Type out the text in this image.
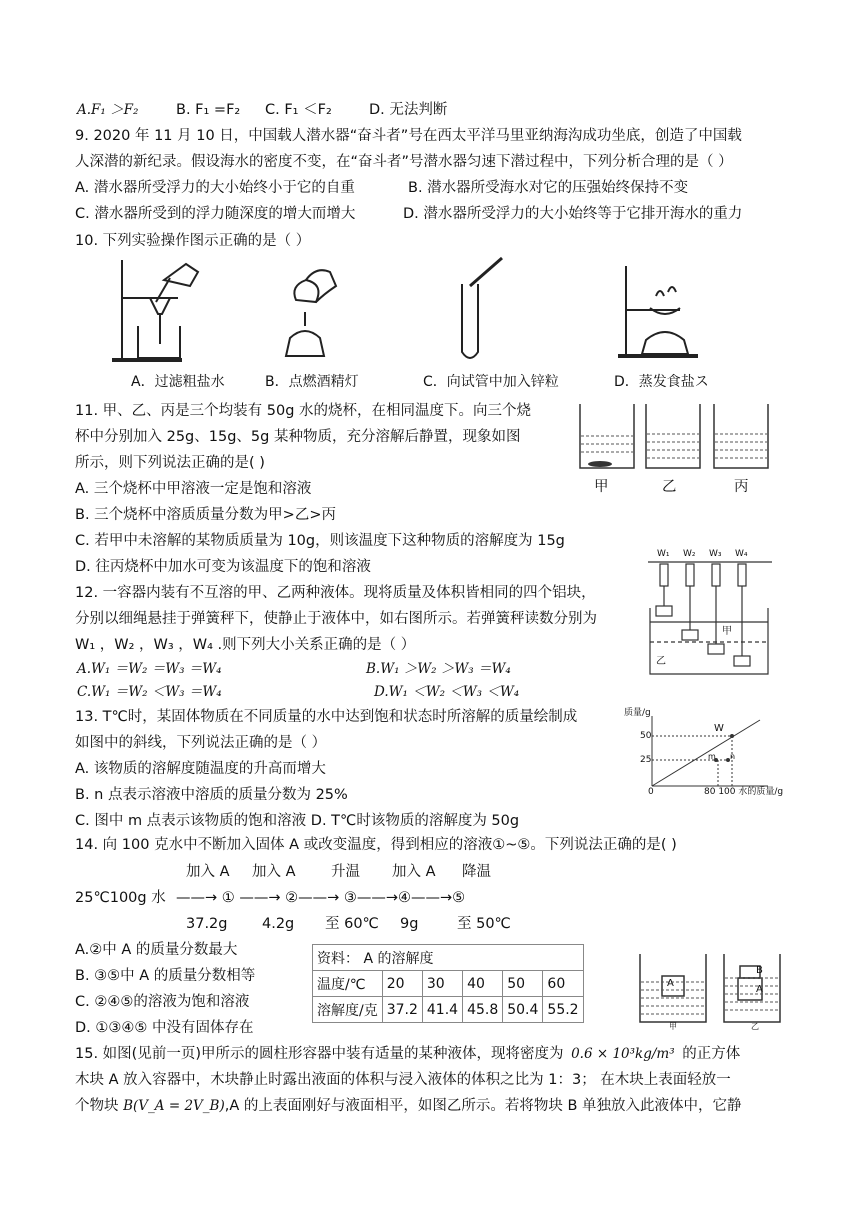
A.F₁ ＞F₂	B. F₁ =F₂ C. F₁ ＜F₂	D. 无法判断
9. 2020 年 11 月 10 日，中国载人潜水器“奋斗者”号在西太平洋马里亚纳海沟成功坐底，创造了中国载
人深潜的新纪录。假设海水的密度不变，在“奋斗者”号潜水器匀速下潜过程中，下列分析合理的是（ ）
A. 潜水器所受浮力的大小始终小于它的自重	B. 潜水器所受海水对它的压强始终保持不变
C. 潜水器所受到的浮力随深度的增大而增大	D. 潜水器所受浮力的大小始终等于它排开海水的重力
10. 下列实验操作图示正确的是（ ）
A．过滤粗盐水	B．点燃酒精灯	C．向试管中加入锌粒	D．蒸发食盐ス
11. 甲、乙、丙是三个均装有 50g 水的烧杯，在相同温度下。向三个烧
杯中分别加入 25g、15g、5g 某种物质，充分溶解后静置，现象如图
所示，则下列说法正确的是( )
A. 三个烧杯中甲溶液一定是饱和溶液
B. 三个烧杯中溶质质量分数为甲>乙>丙
C. 若甲中未溶解的某物质质量为 10g，则该温度下这种物质的溶解度为 15g
D. 往丙烧杯中加水可变为该温度下的饱和溶液
甲	乙	丙
12. 一容器内装有不互溶的甲、乙两种液体。现将质量及体积皆相同的四个铝块，
分别以细绳悬挂于弹簧秤下，使静止于液体中，如右图所示。若弹簧秤读数分别为
W₁ ，W₂ ，W₃ ，W₄ .则下列大小关系正确的是（ ）
A.W₁ ＝W₂ ＝W₃ ＝W₄	B.W₁ ＞W₂ ＞W₃ ＝W₄
C.W₁ ＝W₂ ＜W₃ ＝W₄	D.W₁ ＜W₂ ＜W₃ ＜W₄
W₁ W₂ W₃ W₄
甲
乙
13. T℃时，某固体物质在不同质量的水中达到饱和状态时所溶解的质量绘制成
如图中的斜线，下列说法正确的是（ ）
A. 该物质的溶解度随温度的升高而增大
B. n 点表示溶液中溶质的质量分数为 25%
C. 图中 m 点表示该物质的饱和溶液 D. T℃时该物质的溶解度为 50g
质量/g
50
25
0	80 100 水的质量/g
W
m n
14. 向 100 克水中不断加入固体 A 或改变温度，得到相应的溶液①~⑤。下列说法正确的是( )
加入 A 加入 A 升温 加入 A 降温
25℃100g 水 ——→ ① ——→ ②——→ ③——→④——→⑤
37.2g 4.2g 至 60℃ 9g	至 50℃
A.②中 A 的质量分数最大
B. ③⑤中 A 的质量分数相等
C. ②④⑤的溶液为饱和溶液
D. ①③④⑤ 中没有固体存在
资料： A 的溶解度					
温度/℃	20	30	40	50	60
溶解度/克	37.2	41.4	45.8	50.4	55.2
A
B
A
甲	乙
15. 如图(见前一页)甲所示的圆柱形容器中装有适量的某种液体，现将密度为 0.6 × 10³kg/m³ 的正方体
木块 A 放入容器中，木块静止时露出液面的体积与浸入液体的体积之比为 1：3； 在木块上表面轻放一
个物块 B(V_A = 2V_B),A 的上表面刚好与液面相平，如图乙所示。若将物块 B 单独放入此液体中，它静
